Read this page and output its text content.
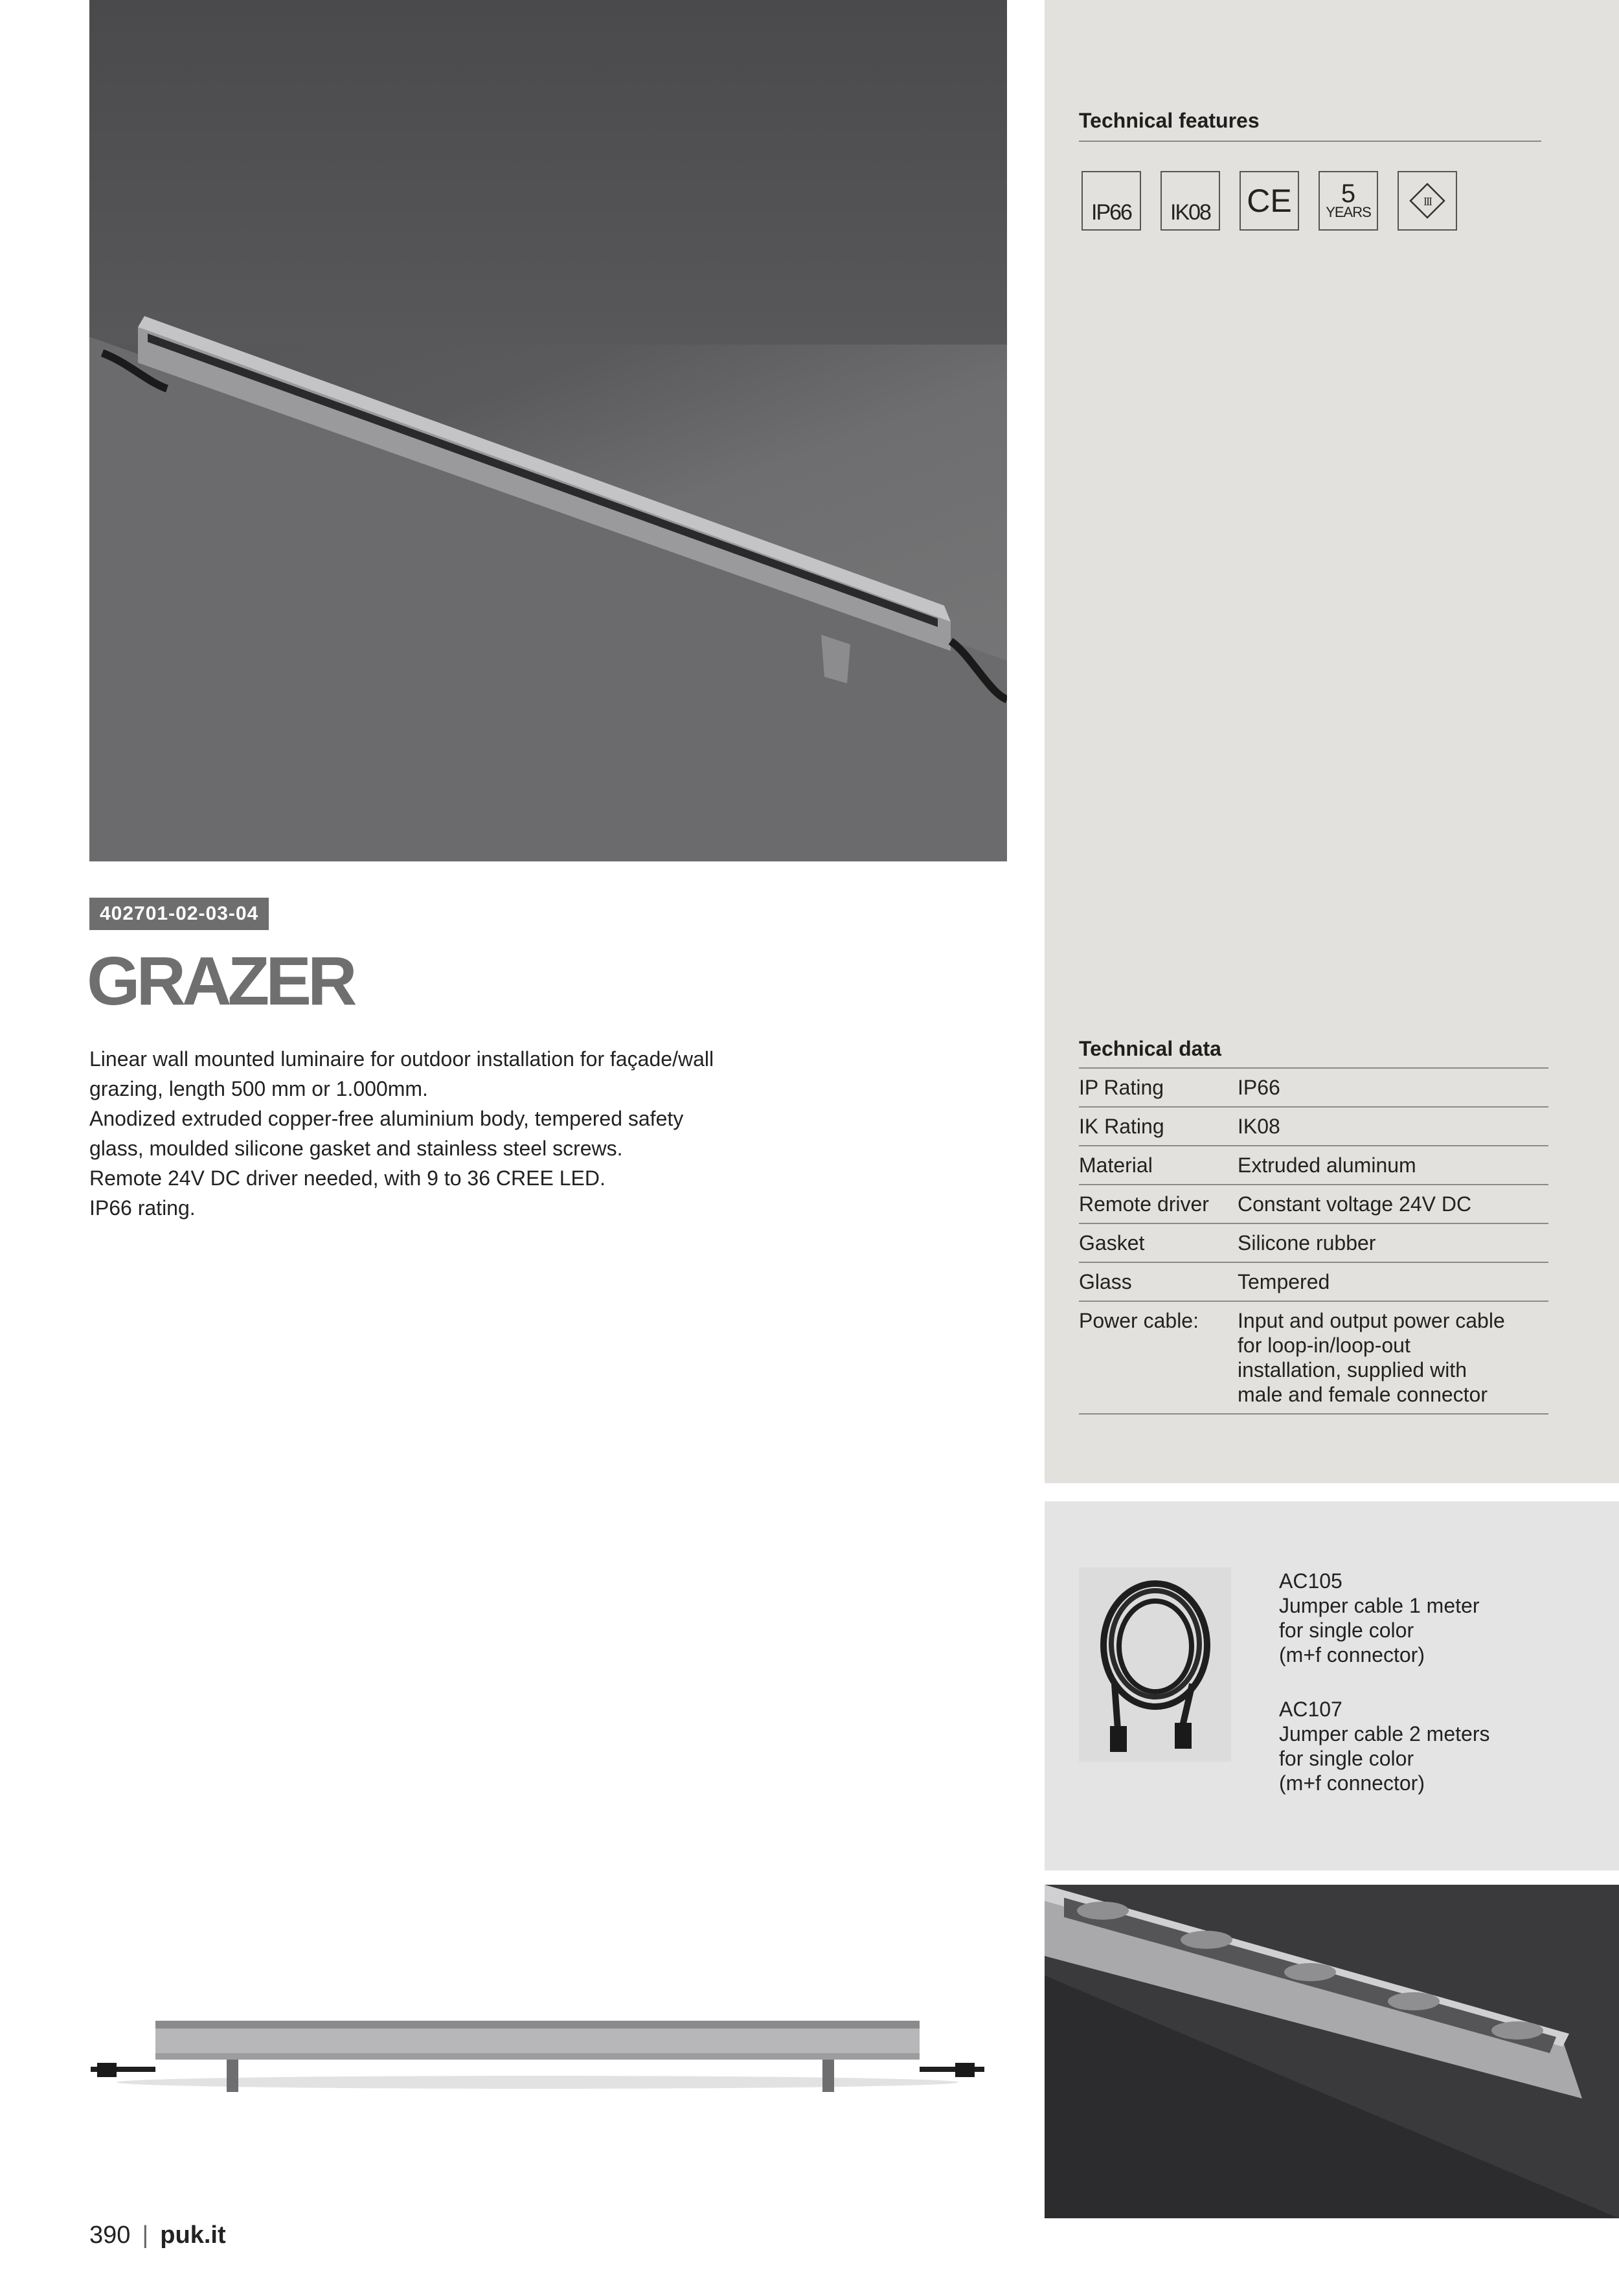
Technical features
IP66 IK08 CE 5
YEARS
III
Technical data
IP Rating	IP66
IK Rating	IK08
Material	Extruded aluminum
Remote driver	Constant voltage 24V DC
Gasket	Silicone rubber
Glass	Tempered
Power cable:	Input and output power cable for loop-in/loop-out installation, supplied with male and female connector
AC105
Jumper cable 1 meter
for single color
(m+f connector)
AC107
Jumper cable 2 meters
for single color
(m+f connector)
402701-02-03-04
GRAZER

Linear wall mounted luminaire for outdoor installation for façade/wall

grazing, length 500 mm or 1.000mm.

Anodized extruded copper-free aluminium body, tempered safety

glass, moulded silicone gasket and stainless steel screws.

Remote 24V DC driver needed, with 9 to 36 CREE LED.

IP66 rating.

390 | puk.it
